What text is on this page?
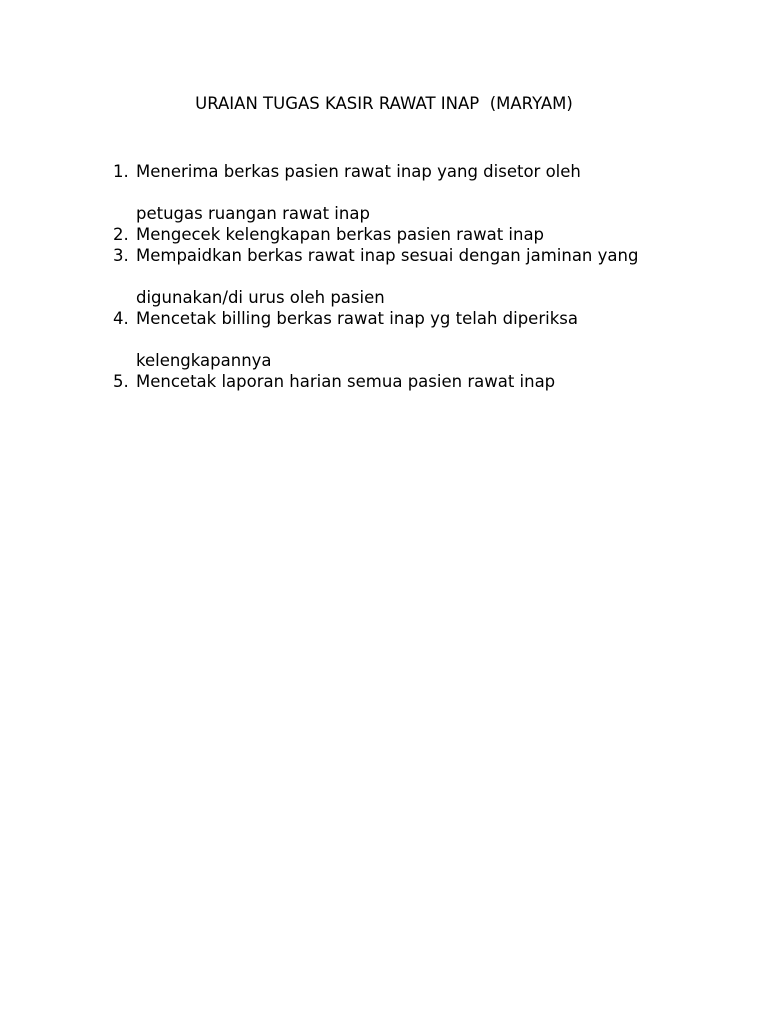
URAIAN TUGAS KASIR RAWAT INAP  (MARYAM)
1. Menerima berkas pasien rawat inap yang disetor oleh
petugas ruangan rawat inap
2. Mengecek kelengkapan berkas pasien rawat inap
3. Mempaidkan berkas rawat inap sesuai dengan jaminan yang
digunakan/di urus oleh pasien
4. Mencetak billing berkas rawat inap yg telah diperiksa
kelengkapannya
5. Mencetak laporan harian semua pasien rawat inap
